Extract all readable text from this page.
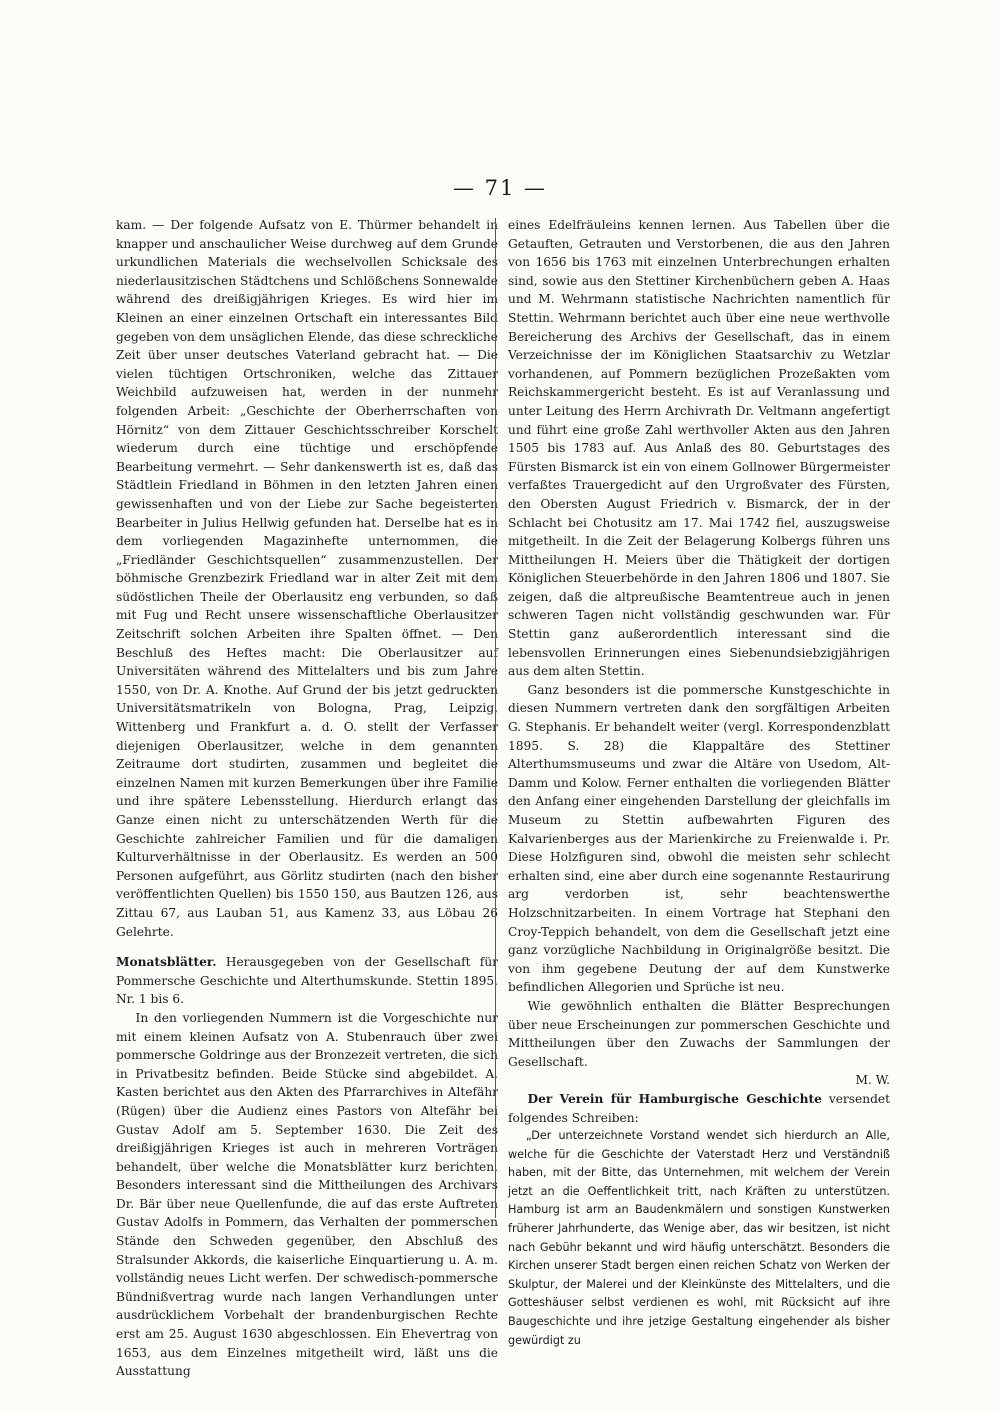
— 71 —

kam. — Der folgende Aufsatz von E. Thürmer behandelt in knapper und anschaulicher Weise durchweg auf dem Grunde urkundlichen Materials die wechselvollen Schicksale des niederlausitzischen Städtchens und Schlößchens Sonnewalde während des dreißigjährigen Krieges. Es wird hier im Kleinen an einer einzelnen Ortschaft ein interessantes Bild gegeben von dem unsäglichen Elende, das diese schreckliche Zeit über unser deutsches Vaterland gebracht hat. — Die vielen tüchtigen Ortschroniken, welche das Zittauer Weichbild aufzuweisen hat, werden in der nunmehr folgenden Arbeit: „Geschichte der Oberherrschaften von Hörnitz“ von dem Zittauer Geschichtsschreiber Korschelt wiederum durch eine tüchtige und erschöpfende Bearbeitung vermehrt. — Sehr dankenswerth ist es, daß das Städtlein Friedland in Böhmen in den letzten Jahren einen gewissenhaften und von der Liebe zur Sache begeisterten Bearbeiter in Julius Hellwig gefunden hat. Derselbe hat es in dem vorliegenden Magazinhefte unternommen, die „Friedländer Geschichtsquellen“ zusammenzustellen. Der böhmische Grenzbezirk Friedland war in alter Zeit mit dem südöstlichen Theile der Oberlausitz eng verbunden, so daß mit Fug und Recht unsere wissenschaftliche Oberlausitzer Zeitschrift solchen Arbeiten ihre Spalten öffnet. — Den Beschluß des Heftes macht: Die Oberlausitzer auf Universitäten während des Mittelalters und bis zum Jahre 1550, von Dr. A. Knothe. Auf Grund der bis jetzt gedruckten Universitätsmatrikeln von Bologna, Prag, Leipzig, Wittenberg und Frankfurt a. d. O. stellt der Verfasser diejenigen Oberlausitzer, welche in dem genannten Zeitraume dort studirten, zusammen und begleitet die einzelnen Namen mit kurzen Bemerkungen über ihre Familie und ihre spätere Lebensstellung. Hierdurch erlangt das Ganze einen nicht zu unterschätzenden Werth für die Geschichte zahlreicher Familien und für die damaligen Kulturverhältnisse in der Oberlausitz. Es werden an 500 Personen aufgeführt, aus Görlitz studirten (nach den bisher veröffentlichten Quellen) bis 1550 150, aus Bautzen 126, aus Zittau 67, aus Lauban 51, aus Kamenz 33, aus Löbau 26 Gelehrte.

Monatsblätter. Herausgegeben von der Gesellschaft für Pommersche Geschichte und Alterthumskunde. Stettin 1895. Nr. 1 bis 6.

In den vorliegenden Nummern ist die Vorgeschichte nur mit einem kleinen Aufsatz von A. Stubenrauch über zwei pommersche Goldringe aus der Bronzezeit vertreten, die sich in Privatbesitz befinden. Beide Stücke sind abgebildet. A. Kasten berichtet aus den Akten des Pfarrarchives in Altefähr (Rügen) über die Audienz eines Pastors von Altefähr bei Gustav Adolf am 5. September 1630. Die Zeit des dreißigjährigen Krieges ist auch in mehreren Vorträgen behandelt, über welche die Monatsblätter kurz berichten. Besonders interessant sind die Mittheilungen des Archivars Dr. Bär über neue Quellenfunde, die auf das erste Auftreten Gustav Adolfs in Pommern, das Verhalten der pommerschen Stände den Schweden gegenüber, den Abschluß des Stralsunder Akkords, die kaiserliche Einquartierung u. A. m. vollständig neues Licht werfen. Der schwedisch-pommersche Bündnißvertrag wurde nach langen Verhandlungen unter ausdrücklichem Vorbehalt der brandenburgischen Rechte erst am 25. August 1630 abgeschlossen. Ein Ehevertrag von 1653, aus dem Einzelnes mitgetheilt wird, läßt uns die Ausstattung

eines Edelfräuleins kennen lernen. Aus Tabellen über die Getauften, Getrauten und Verstorbenen, die aus den Jahren von 1656 bis 1763 mit einzelnen Unterbrechungen erhalten sind, sowie aus den Stettiner Kirchenbüchern geben A. Haas und M. Wehrmann statistische Nachrichten namentlich für Stettin. Wehrmann berichtet auch über eine neue werthvolle Bereicherung des Archivs der Gesellschaft, das in einem Verzeichnisse der im Königlichen Staatsarchiv zu Wetzlar vorhandenen, auf Pommern bezüglichen Prozeßakten vom Reichskammergericht besteht. Es ist auf Veranlassung und unter Leitung des Herrn Archivrath Dr. Veltmann angefertigt und führt eine große Zahl werthvoller Akten aus den Jahren 1505 bis 1783 auf. Aus Anlaß des 80. Geburtstages des Fürsten Bismarck ist ein von einem Gollnower Bürgermeister verfaßtes Trauergedicht auf den Urgroßvater des Fürsten, den Obersten August Friedrich v. Bismarck, der in der Schlacht bei Chotusitz am 17. Mai 1742 fiel, auszugsweise mitgetheilt. In die Zeit der Belagerung Kolbergs führen uns Mittheilungen H. Meiers über die Thätigkeit der dortigen Königlichen Steuerbehörde in den Jahren 1806 und 1807. Sie zeigen, daß die altpreußische Beamtentreue auch in jenen schweren Tagen nicht vollständig geschwunden war. Für Stettin ganz außerordentlich interessant sind die lebensvollen Erinnerungen eines Siebenundsiebzigjährigen aus dem alten Stettin.

Ganz besonders ist die pommersche Kunstgeschichte in diesen Nummern vertreten dank den sorgfältigen Arbeiten G. Stephanis. Er behandelt weiter (vergl. Korrespondenzblatt 1895. S. 28) die Klappaltäre des Stettiner Alterthumsmuseums und zwar die Altäre von Usedom, Alt-Damm und Kolow. Ferner enthalten die vorliegenden Blätter den Anfang einer eingehenden Darstellung der gleichfalls im Museum zu Stettin aufbewahrten Figuren des Kalvarienberges aus der Marienkirche zu Freienwalde i. Pr. Diese Holzfiguren sind, obwohl die meisten sehr schlecht erhalten sind, eine aber durch eine sogenannte Restaurirung arg verdorben ist, sehr beachtenswerthe Holzschnitzarbeiten. In einem Vortrage hat Stephani den Croy-Teppich behandelt, von dem die Gesellschaft jetzt eine ganz vorzügliche Nachbildung in Originalgröße besitzt. Die von ihm gegebene Deutung der auf dem Kunstwerke befindlichen Allegorien und Sprüche ist neu.

Wie gewöhnlich enthalten die Blätter Besprechungen über neue Erscheinungen zur pommerschen Geschichte und Mittheilungen über den Zuwachs der Sammlungen der Gesellschaft.

M. W.

Der Verein für Hamburgische Geschichte versendet folgendes Schreiben:

„Der unterzeichnete Vorstand wendet sich hierdurch an Alle, welche für die Geschichte der Vaterstadt Herz und Verständniß haben, mit der Bitte, das Unternehmen, mit welchem der Verein jetzt an die Oeffentlichkeit tritt, nach Kräften zu unterstützen. Hamburg ist arm an Baudenkmälern und sonstigen Kunstwerken früherer Jahrhunderte, das Wenige aber, das wir besitzen, ist nicht nach Gebühr bekannt und wird häufig unterschätzt. Besonders die Kirchen unserer Stadt bergen einen reichen Schatz von Werken der Skulptur, der Malerei und der Kleinkünste des Mittelalters, und die Gotteshäuser selbst verdienen es wohl, mit Rücksicht auf ihre Baugeschichte und ihre jetzige Gestaltung eingehender als bisher gewürdigt zu
